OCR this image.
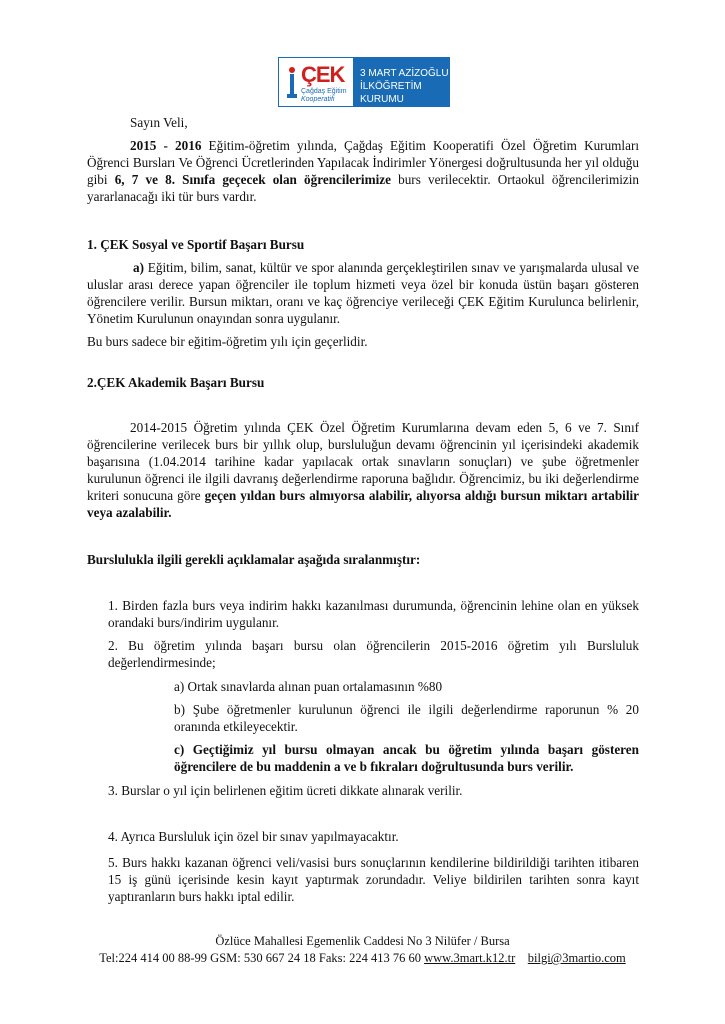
ÇEK
Çağdaş Eğitim
Kooperatifi
3 MART AZİZOĞLU
İLKÖĞRETİM KURUMU
Sayın Veli,
2015 - 2016 Eğitim-öğretim yılında, Çağdaş Eğitim Kooperatifi Özel Öğretim Kurumları Öğrenci Bursları Ve Öğrenci Ücretlerinden Yapılacak İndirimler Yönergesi doğrultusunda her yıl olduğu gibi 6, 7 ve 8. Sınıfa geçecek olan öğrencilerimize burs verilecektir. Ortaokul öğrencilerimizin yararlanacağı iki tür burs vardır.
1. ÇEK Sosyal ve Sportif Başarı Bursu
a) Eğitim, bilim, sanat, kültür ve spor alanında gerçekleştirilen sınav ve yarışmalarda ulusal ve uluslar arası derece yapan öğrenciler ile toplum hizmeti veya özel bir konuda üstün başarı gösteren öğrencilere verilir. Bursun miktarı, oranı ve kaç öğrenciye verileceği ÇEK Eğitim Kurulunca belirlenir, Yönetim Kurulunun onayından sonra uygulanır.
Bu burs sadece bir eğitim-öğretim yılı için geçerlidir.
2.ÇEK Akademik Başarı Bursu
2014-2015 Öğretim yılında ÇEK Özel Öğretim Kurumlarına devam eden 5, 6 ve 7. Sınıf öğrencilerine verilecek burs bir yıllık olup, bursluluğun devamı öğrencinin yıl içerisindeki akademik başarısına (1.04.2014 tarihine kadar yapılacak ortak sınavların sonuçları) ve şube öğretmenler kurulunun öğrenci ile ilgili davranış değerlendirme raporuna bağlıdır. Öğrencimiz, bu iki değerlendirme kriteri sonucuna göre geçen yıldan burs almıyorsa alabilir, alıyorsa aldığı bursun miktarı artabilir veya azalabilir.
Burslulukla ilgili gerekli açıklamalar aşağıda sıralanmıştır:
1. Birden fazla burs veya indirim hakkı kazanılması durumunda, öğrencinin lehine olan en yüksek orandaki burs/indirim uygulanır.
2. Bu öğretim yılında başarı bursu olan öğrencilerin 2015-2016 öğretim yılı Bursluluk değerlendirmesinde;
a) Ortak sınavlarda alınan puan ortalamasının %80
b) Şube öğretmenler kurulunun öğrenci ile ilgili değerlendirme raporunun % 20 oranında etkileyecektir.
c) Geçtiğimiz yıl bursu olmayan ancak bu öğretim yılında başarı gösteren öğrencilere de bu maddenin a ve b fıkraları doğrultusunda burs verilir.
3. Burslar o yıl için belirlenen eğitim ücreti dikkate alınarak verilir.
4. Ayrıca Bursluluk için özel bir sınav yapılmayacaktır.
5. Burs hakkı kazanan öğrenci veli/vasisi burs sonuçlarının kendilerine bildirildiği tarihten itibaren 15 iş günü içerisinde kesin kayıt yaptırmak zorundadır. Veliye bildirilen tarihten sonra kayıt yaptıranların burs hakkı iptal edilir.
Özlüce Mahallesi Egemenlik Caddesi No 3 Nilüfer / Bursa
Tel:224 414 00 88-99 GSM: 530 667 24 18 Faks: 224 413 76 60 www.3mart.k12.tr bilgi@3martio.com
